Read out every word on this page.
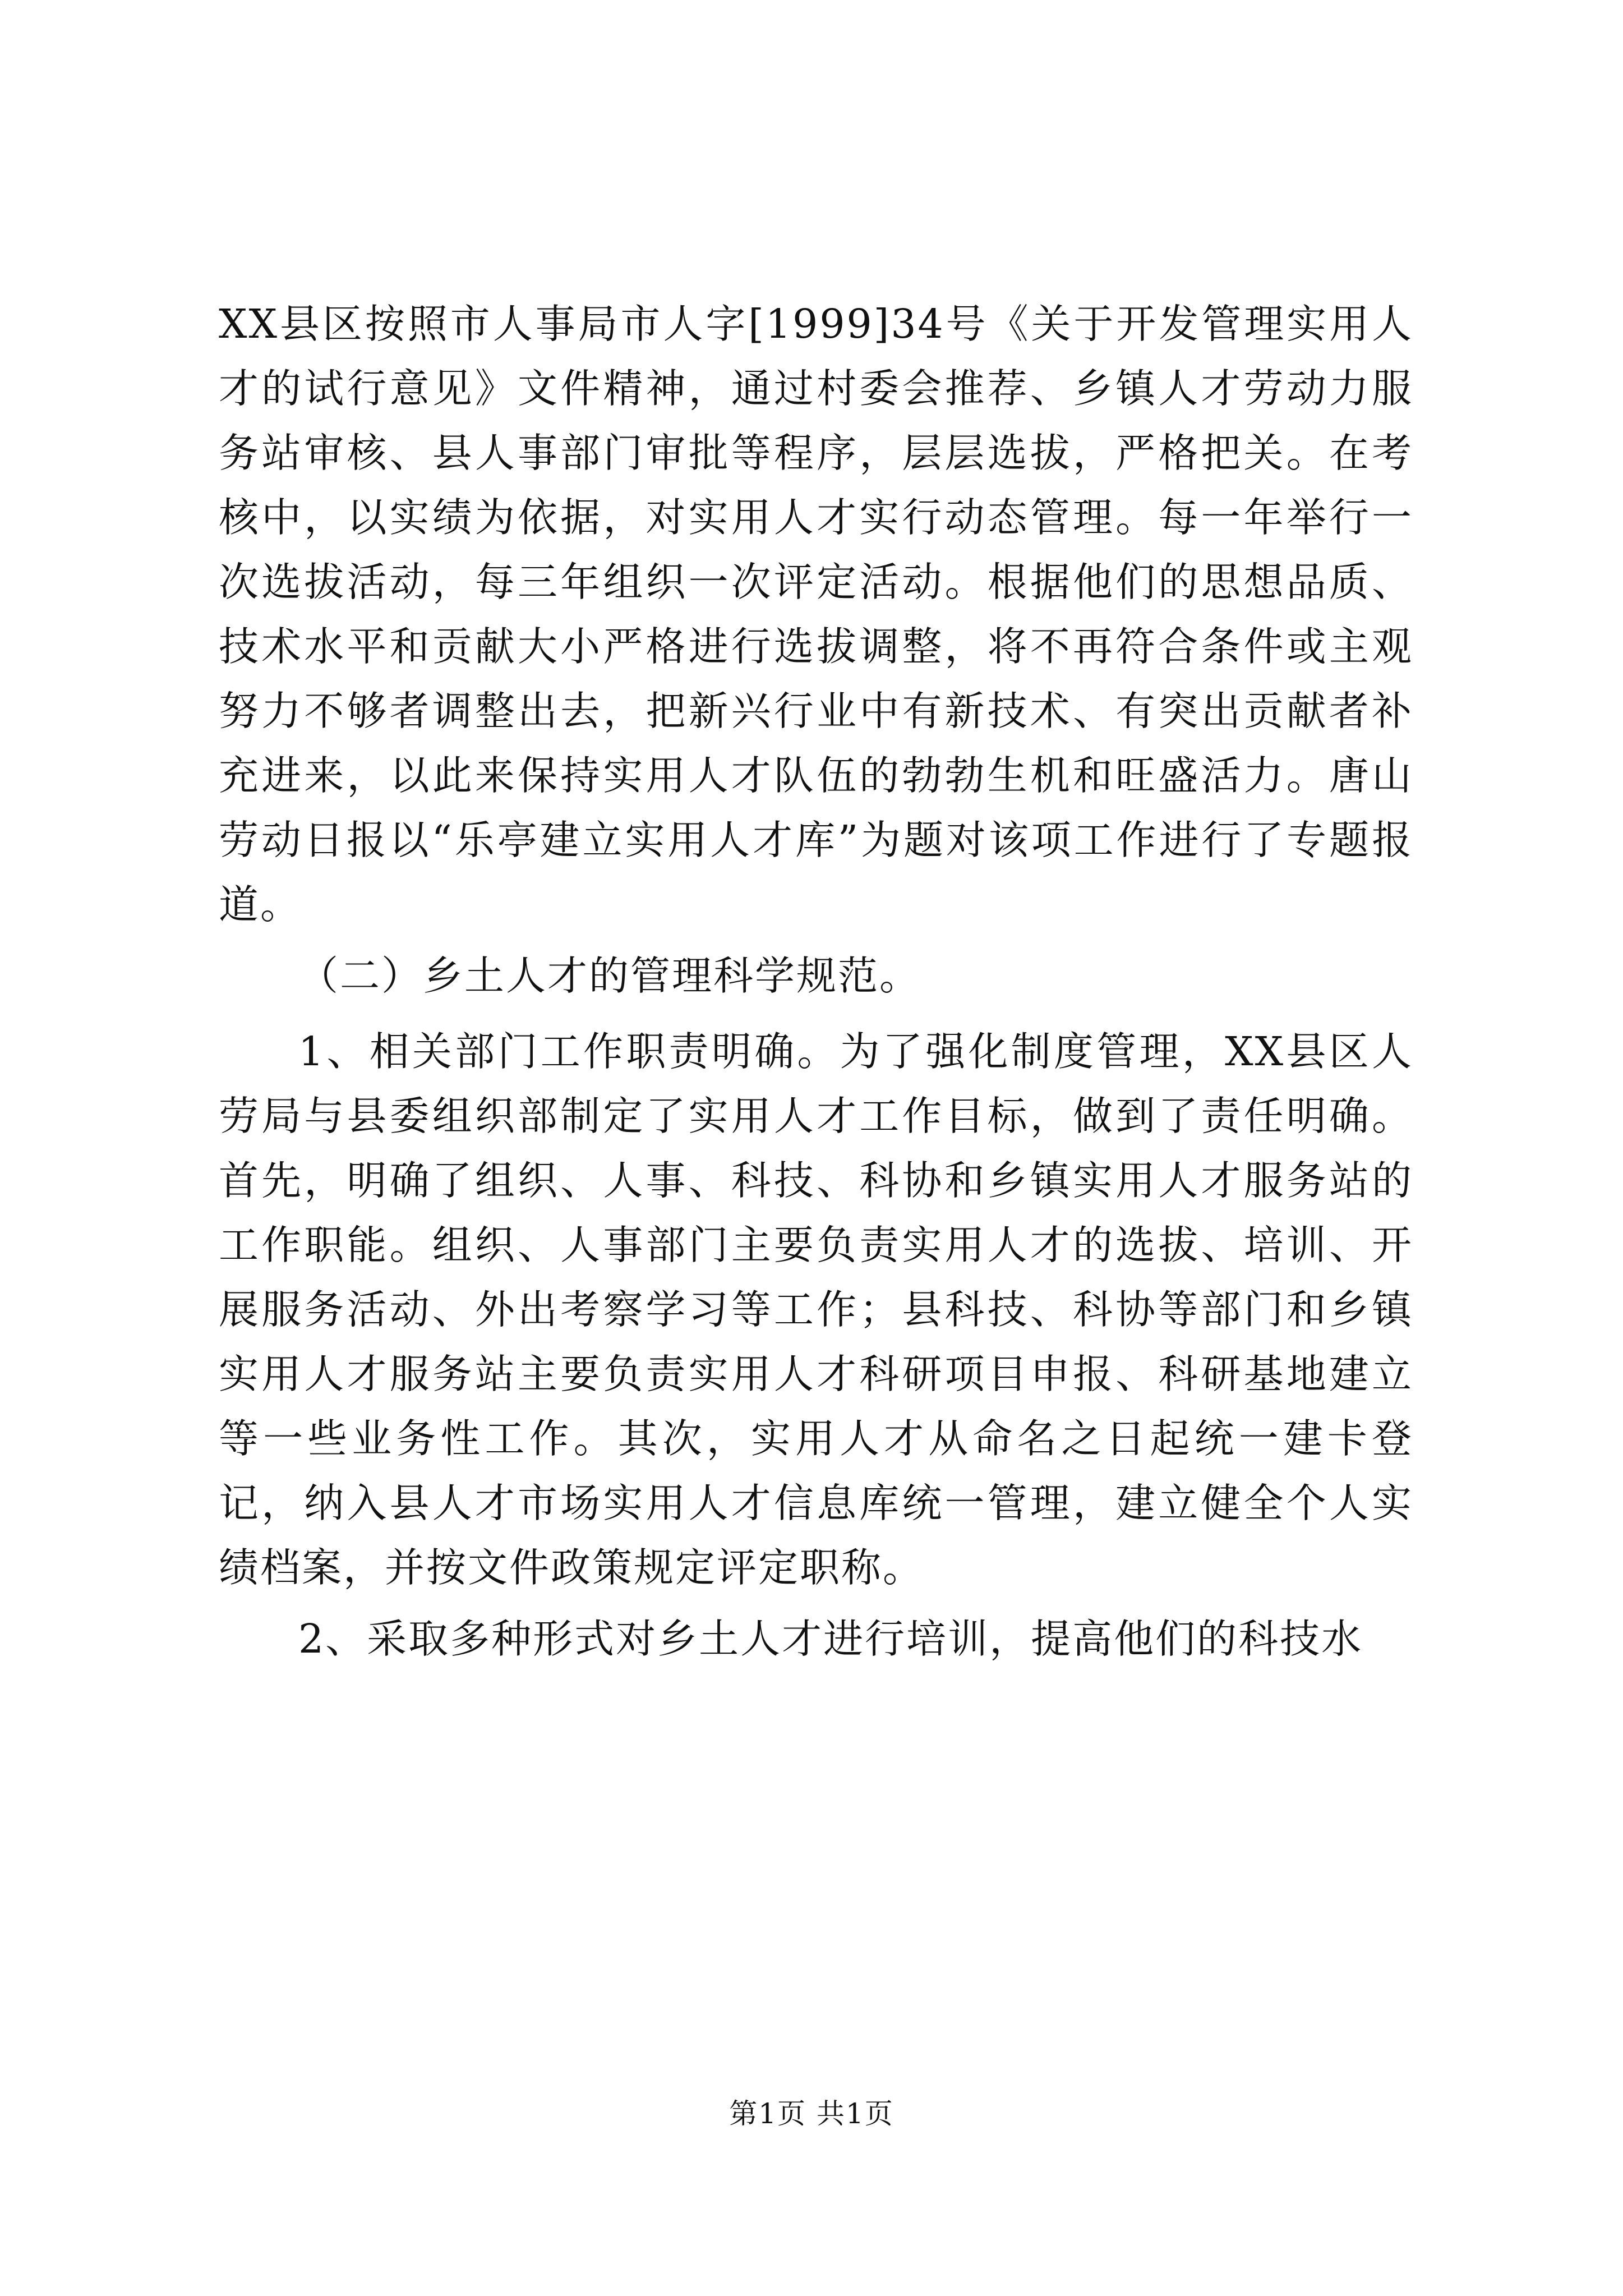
XX县区按照市人事局市人字[1999]34号《关于开发管理实用人才的试行意见》文件精神，通过村委会推荐、乡镇人才劳动力服务站审核、县人事部门审批等程序，层层选拔，严格把关。在考核中，以实绩为依据，对实用人才实行动态管理。每一年举行一次选拔活动，每三年组织一次评定活动。根据他们的思想品质、技术水平和贡献大小严格进行选拔调整，将不再符合条件或主观努力不够者调整出去，把新兴行业中有新技术、有突出贡献者补充进来，以此来保持实用人才队伍的勃勃生机和旺盛活力。唐山劳动日报以“乐亭建立实用人才库”为题对该项工作进行了专题报道。

（二）乡土人才的管理科学规范。

1、相关部门工作职责明确。为了强化制度管理，XX县区人劳局与县委组织部制定了实用人才工作目标，做到了责任明确。首先，明确了组织、人事、科技、科协和乡镇实用人才服务站的工作职能。组织、人事部门主要负责实用人才的选拔、培训、开展服务活动、外出考察学习等工作；县科技、科协等部门和乡镇实用人才服务站主要负责实用人才科研项目申报、科研基地建立等一些业务性工作。其次，实用人才从命名之日起统一建卡登记，纳入县人才市场实用人才信息库统一管理，建立健全个人实绩档案，并按文件政策规定评定职称。

2、采取多种形式对乡土人才进行培训，提高他们的科技水

第1页 共1页
